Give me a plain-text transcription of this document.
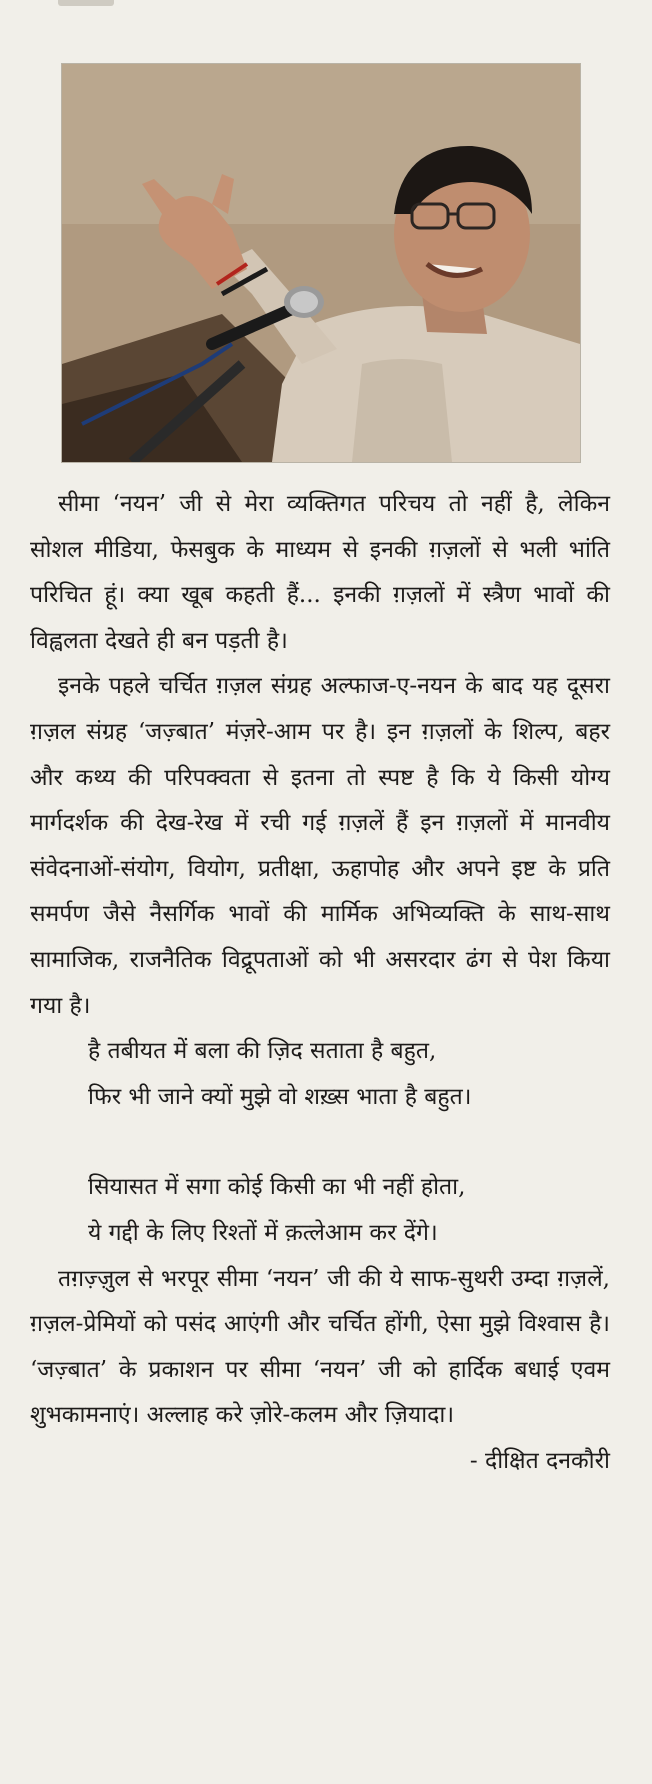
सीमा ‘नयन’ जी से मेरा व्यक्तिगत परिचय तो नहीं है, लेकिन सोशल मीडिया, फेसबुक के माध्यम से इनकी ग़ज़लों से भली भांति परिचित हूं। क्या खूब कहती हैं... इनकी ग़ज़लों में स्त्रैण भावों की विह्वलता देखते ही बन पड़ती है।

इनके पहले चर्चित ग़ज़ल संग्रह अल्फाज-ए-नयन के बाद यह दूसरा ग़ज़ल संग्रह ‘जज़्बात’ मंज़रे-आम पर है। इन ग़ज़लों के शिल्प, बहर और कथ्य की परिपक्वता से इतना तो स्पष्ट है कि ये किसी योग्य मार्गदर्शक की देख-रेख में रची गई ग़ज़लें हैं इन ग़ज़लों में मानवीय संवेदनाओं-संयोग, वियोग, प्रतीक्षा, ऊहापोह और अपने इष्ट के प्रति समर्पण जैसे नैसर्गिक भावों की मार्मिक अभिव्यक्ति के साथ-साथ सामाजिक, राजनैतिक विद्रूपताओं को भी असरदार ढंग से पेश किया गया है।

है तबीयत में बला की ज़िद सताता है बहुत,

फिर भी जाने क्यों मुझे वो शख़्स भाता है बहुत।

सियासत में सगा कोई किसी का भी नहीं होता,

ये गद्दी के लिए रिश्तों में क़त्लेआम कर देंगे।

तग़ज़्ज़ुल से भरपूर सीमा ‘नयन’ जी की ये साफ-सुथरी उम्दा ग़ज़लें, ग़ज़ल-प्रेमियों को पसंद आएंगी और चर्चित होंगी, ऐसा मुझे विश्वास है। ‘जज़्बात’ के प्रकाशन पर सीमा ‘नयन’ जी को हार्दिक बधाई एवम शुभकामनाएं। अल्लाह करे ज़ोरे-कलम और ज़ियादा।

- दीक्षित दनकौरी
